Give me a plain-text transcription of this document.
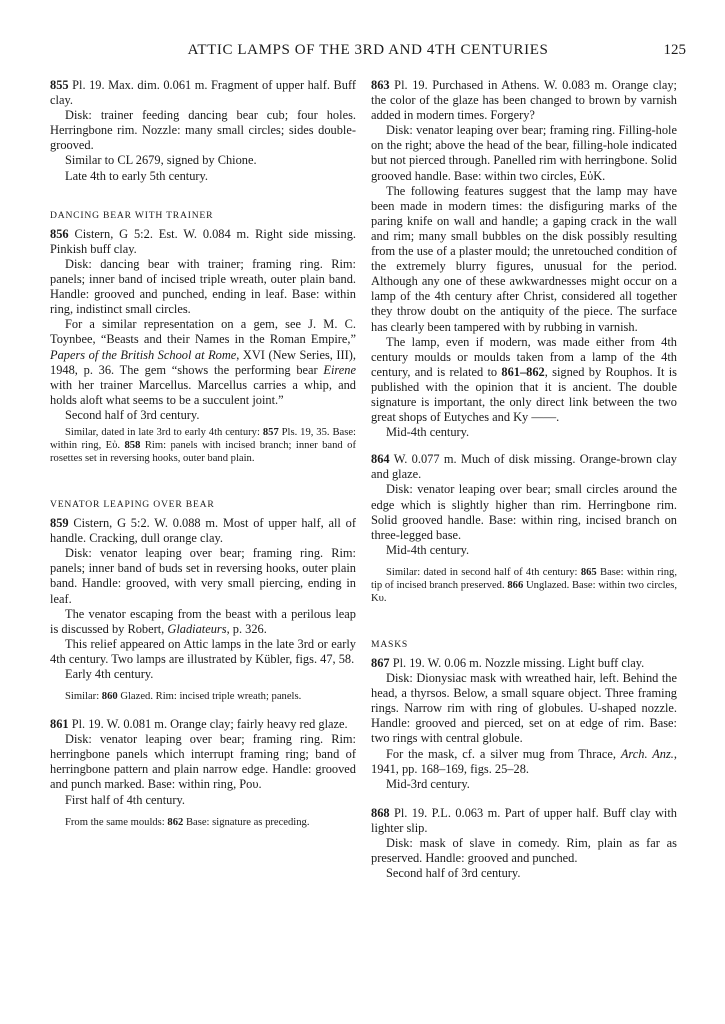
ATTIC LAMPS OF THE 3RD AND 4TH CENTURIES	125

855 Pl. 19. Max. dim. 0.061 m. Fragment of upper half. Buff clay.

Disk: trainer feeding dancing bear cub; four holes. Herringbone rim. Nozzle: many small circles; sides double-grooved.

Similar to CL 2679, signed by Chione.

Late 4th to early 5th century.

DANCING BEAR WITH TRAINER

856 Cistern, G 5:2. Est. W. 0.084 m. Right side missing. Pinkish buff clay.

Disk: dancing bear with trainer; framing ring. Rim: panels; inner band of incised triple wreath, outer plain band. Handle: grooved and punched, ending in leaf. Base: within ring, indistinct small circles.

For a similar representation on a gem, see J. M. C. Toynbee, “Beasts and their Names in the Roman Empire,” Papers of the British School at Rome, XVI (New Series, III), 1948, p. 36. The gem “shows the performing bear Eirene with her trainer Marcellus. Marcellus carries a whip, and holds aloft what seems to be a succulent joint.”

Second half of 3rd century.

Similar, dated in late 3rd to early 4th century: 857 Pls. 19, 35. Base: within ring, Εὐ. 858 Rim: panels with incised branch; inner band of rosettes set in reversing hooks, outer band plain.

VENATOR LEAPING OVER BEAR

859 Cistern, G 5:2. W. 0.088 m. Most of upper half, all of handle. Cracking, dull orange clay.

Disk: venator leaping over bear; framing ring. Rim: panels; inner band of buds set in reversing hooks, outer plain band. Handle: grooved, with very small piercing, ending in leaf.

The venator escaping from the beast with a perilous leap is discussed by Robert, Gladiateurs, p. 326.

This relief appeared on Attic lamps in the late 3rd or early 4th century. Two lamps are illustrated by Kübler, figs. 47, 58.

Early 4th century.

Similar: 860 Glazed. Rim: incised triple wreath; panels.

861 Pl. 19. W. 0.081 m. Orange clay; fairly heavy red glaze.

Disk: venator leaping over bear; framing ring. Rim: herringbone panels which interrupt framing ring; band of herringbone pattern and plain narrow edge. Handle: grooved and punch marked. Base: within ring, Ρου.

First half of 4th century.

From the same moulds: 862 Base: signature as preceding.

863 Pl. 19. Purchased in Athens. W. 0.083 m. Orange clay; the color of the glaze has been changed to brown by varnish added in modern times. Forgery?

Disk: venator leaping over bear; framing ring. Filling-hole on the right; above the head of the bear, filling-hole indicated but not pierced through. Panelled rim with herringbone. Solid grooved handle. Base: within two circles, ΕὐΚ.

The following features suggest that the lamp may have been made in modern times: the disfiguring marks of the paring knife on wall and handle; a gaping crack in the wall and rim; many small bubbles on the disk possibly resulting from the use of a plaster mould; the unretouched condition of the extremely blurry figures, unusual for the period. Although any one of these awkwardnesses might occur on a lamp of the 4th century after Christ, considered all together they throw doubt on the antiquity of the piece. The surface has clearly been tampered with by rubbing in varnish.

The lamp, even if modern, was made either from 4th century moulds or moulds taken from a lamp of the 4th century, and is related to 861–862, signed by Rouphos. It is published with the opinion that it is ancient. The double signature is important, the only direct link between the two great shops of Eutyches and Ky ——.

Mid-4th century.

864 W. 0.077 m. Much of disk missing. Orange-brown clay and glaze.

Disk: venator leaping over bear; small circles around the edge which is slightly higher than rim. Herringbone rim. Solid grooved handle. Base: within ring, incised branch on three-legged base.

Mid-4th century.

Similar: dated in second half of 4th century: 865 Base: within ring, tip of incised branch preserved. 866 Unglazed. Base: within two circles, Κυ.

MASKS

867 Pl. 19. W. 0.06 m. Nozzle missing. Light buff clay.

Disk: Dionysiac mask with wreathed hair, left. Behind the head, a thyrsos. Below, a small square object. Three framing rings. Narrow rim with ring of globules. U-shaped nozzle. Handle: grooved and pierced, set on at edge of rim. Base: two rings with central globule.

For the mask, cf. a silver mug from Thrace, Arch. Anz., 1941, pp. 168–169, figs. 25–28.

Mid-3rd century.

868 Pl. 19. P.L. 0.063 m. Part of upper half. Buff clay with lighter slip.

Disk: mask of slave in comedy. Rim, plain as far as preserved. Handle: grooved and punched.

Second half of 3rd century.
